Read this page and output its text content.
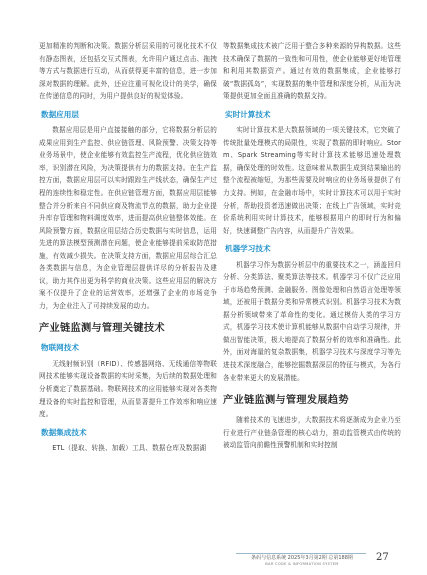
更加精准的判断和决策。数据分析层采用的可视化技术不仅有静态图表，还包括交互式图表，允许用户通过点击、拖拽等方式与数据进行互动，从而获得更丰富的信息，进一步加深对数据的理解。此外，还应注重可视化设计的美学，确保在传递信息的同时，为用户提供良好的视觉体验。

数据应用层

数据应用层是用户直接接触的部分，它将数据分析层的成果应用到生产监控、供应链管理、风险预警、决策支持等业务场景中，使企业能够有效监控生产流程，优化供应链效率，识别潜在风险，为决策提供有力的数据支持。在生产监控方面，数据应用层可以实时跟踪生产线状态，确保生产过程的连续性和稳定性。在供应链管理方面，数据应用层能够整合并分析来自不同供应商及物流节点的数据，助力企业提升库存管理和物料调度效率，进而提高供应链整体效能。在风险预警方面，数据应用层结合历史数据与实时信息，运用先进的算法模型预测潜在问题，使企业能够提前采取防范措施，有效减少损失。在决策支持方面，数据应用层综合汇总各类数据与信息，为企业管理层提供详尽的分析报告及建议，助力其作出更为科学的商业决策。这些应用层的解决方案不仅提升了企业的运营效率，还增强了企业的市场竞争力，为企业注入了可持续发展的动力。

产业链监测与管理关键技术
物联网技术

无线射频识别（RFID）、传感器网络、无线通信等物联网技术能够实现设备数据的实时采集，为后续的数据处理和分析奠定了数据基础。物联网技术的应用能够实现对各类物理设备的实时监控和管理，从而显著提升工作效率和响应速度。

数据集成技术

ETL（提取、转换、加载）工具、数据仓库及数据湖

等数据集成技术被广泛用于整合多种来源的异构数据。这些技术确保了数据的一致性和可用性，使企业能够更好地管理和利用其数据资产。通过有效的数据集成，企业能够打破“数据孤岛”，实现数据的集中管理和深度分析，从而为决策提供更加全面且准确的数据支持。

实时计算技术

实时计算技术是大数据领域的一项关键技术，它突破了传统批量处理模式的局限性，实现了数据的即时响应。Storm、Spark Streaming等实时计算技术能够迅速处理数据，确保处理的时效性。这意味着从数据生成到结果输出的整个流程被缩短，为那些需要及时响应的业务场景提供了有力支持。例如，在金融市场中，实时计算技术可以用于实时分析，帮助投资者迅速做出决策；在线上广告领域，实时竞价系统利用实时计算技术，能够根据用户的即时行为和偏好，快速调整广告内容，从而提升广告效果。

机器学习技术

机器学习作为数据分析层中的重要技术之一，涵盖回归分析、分类算法、聚类算法等技术。机器学习不仅广泛应用于市场趋势预测、金融服务、图像处理和自然语言处理等领域，还被用于数据分类和异常模式识别。机器学习技术为数据分析领域带来了革命性的变化。通过模仿人类的学习方式，机器学习技术使计算机能够从数据中自动学习规律，并做出智能决策，极大地提高了数据分析的效率和准确性。此外，面对海量的复杂数据集，机器学习技术与深度学习等先进技术深度融合，能够挖掘数据深层的特征与模式，为各行各业带来更大的发展潜能。

产业链监测与管理发展趋势

随着技术的飞速进步，大数据技术将逐渐成为企业乃至行业进行产业链条管理的核心动力，推动监管模式由传统的被动监管向前瞻性预警机制和实时控制

条码与信息系统 2025年3月第2期 总第188期
BAR CODE & INFORMATION SYSTEM
27
